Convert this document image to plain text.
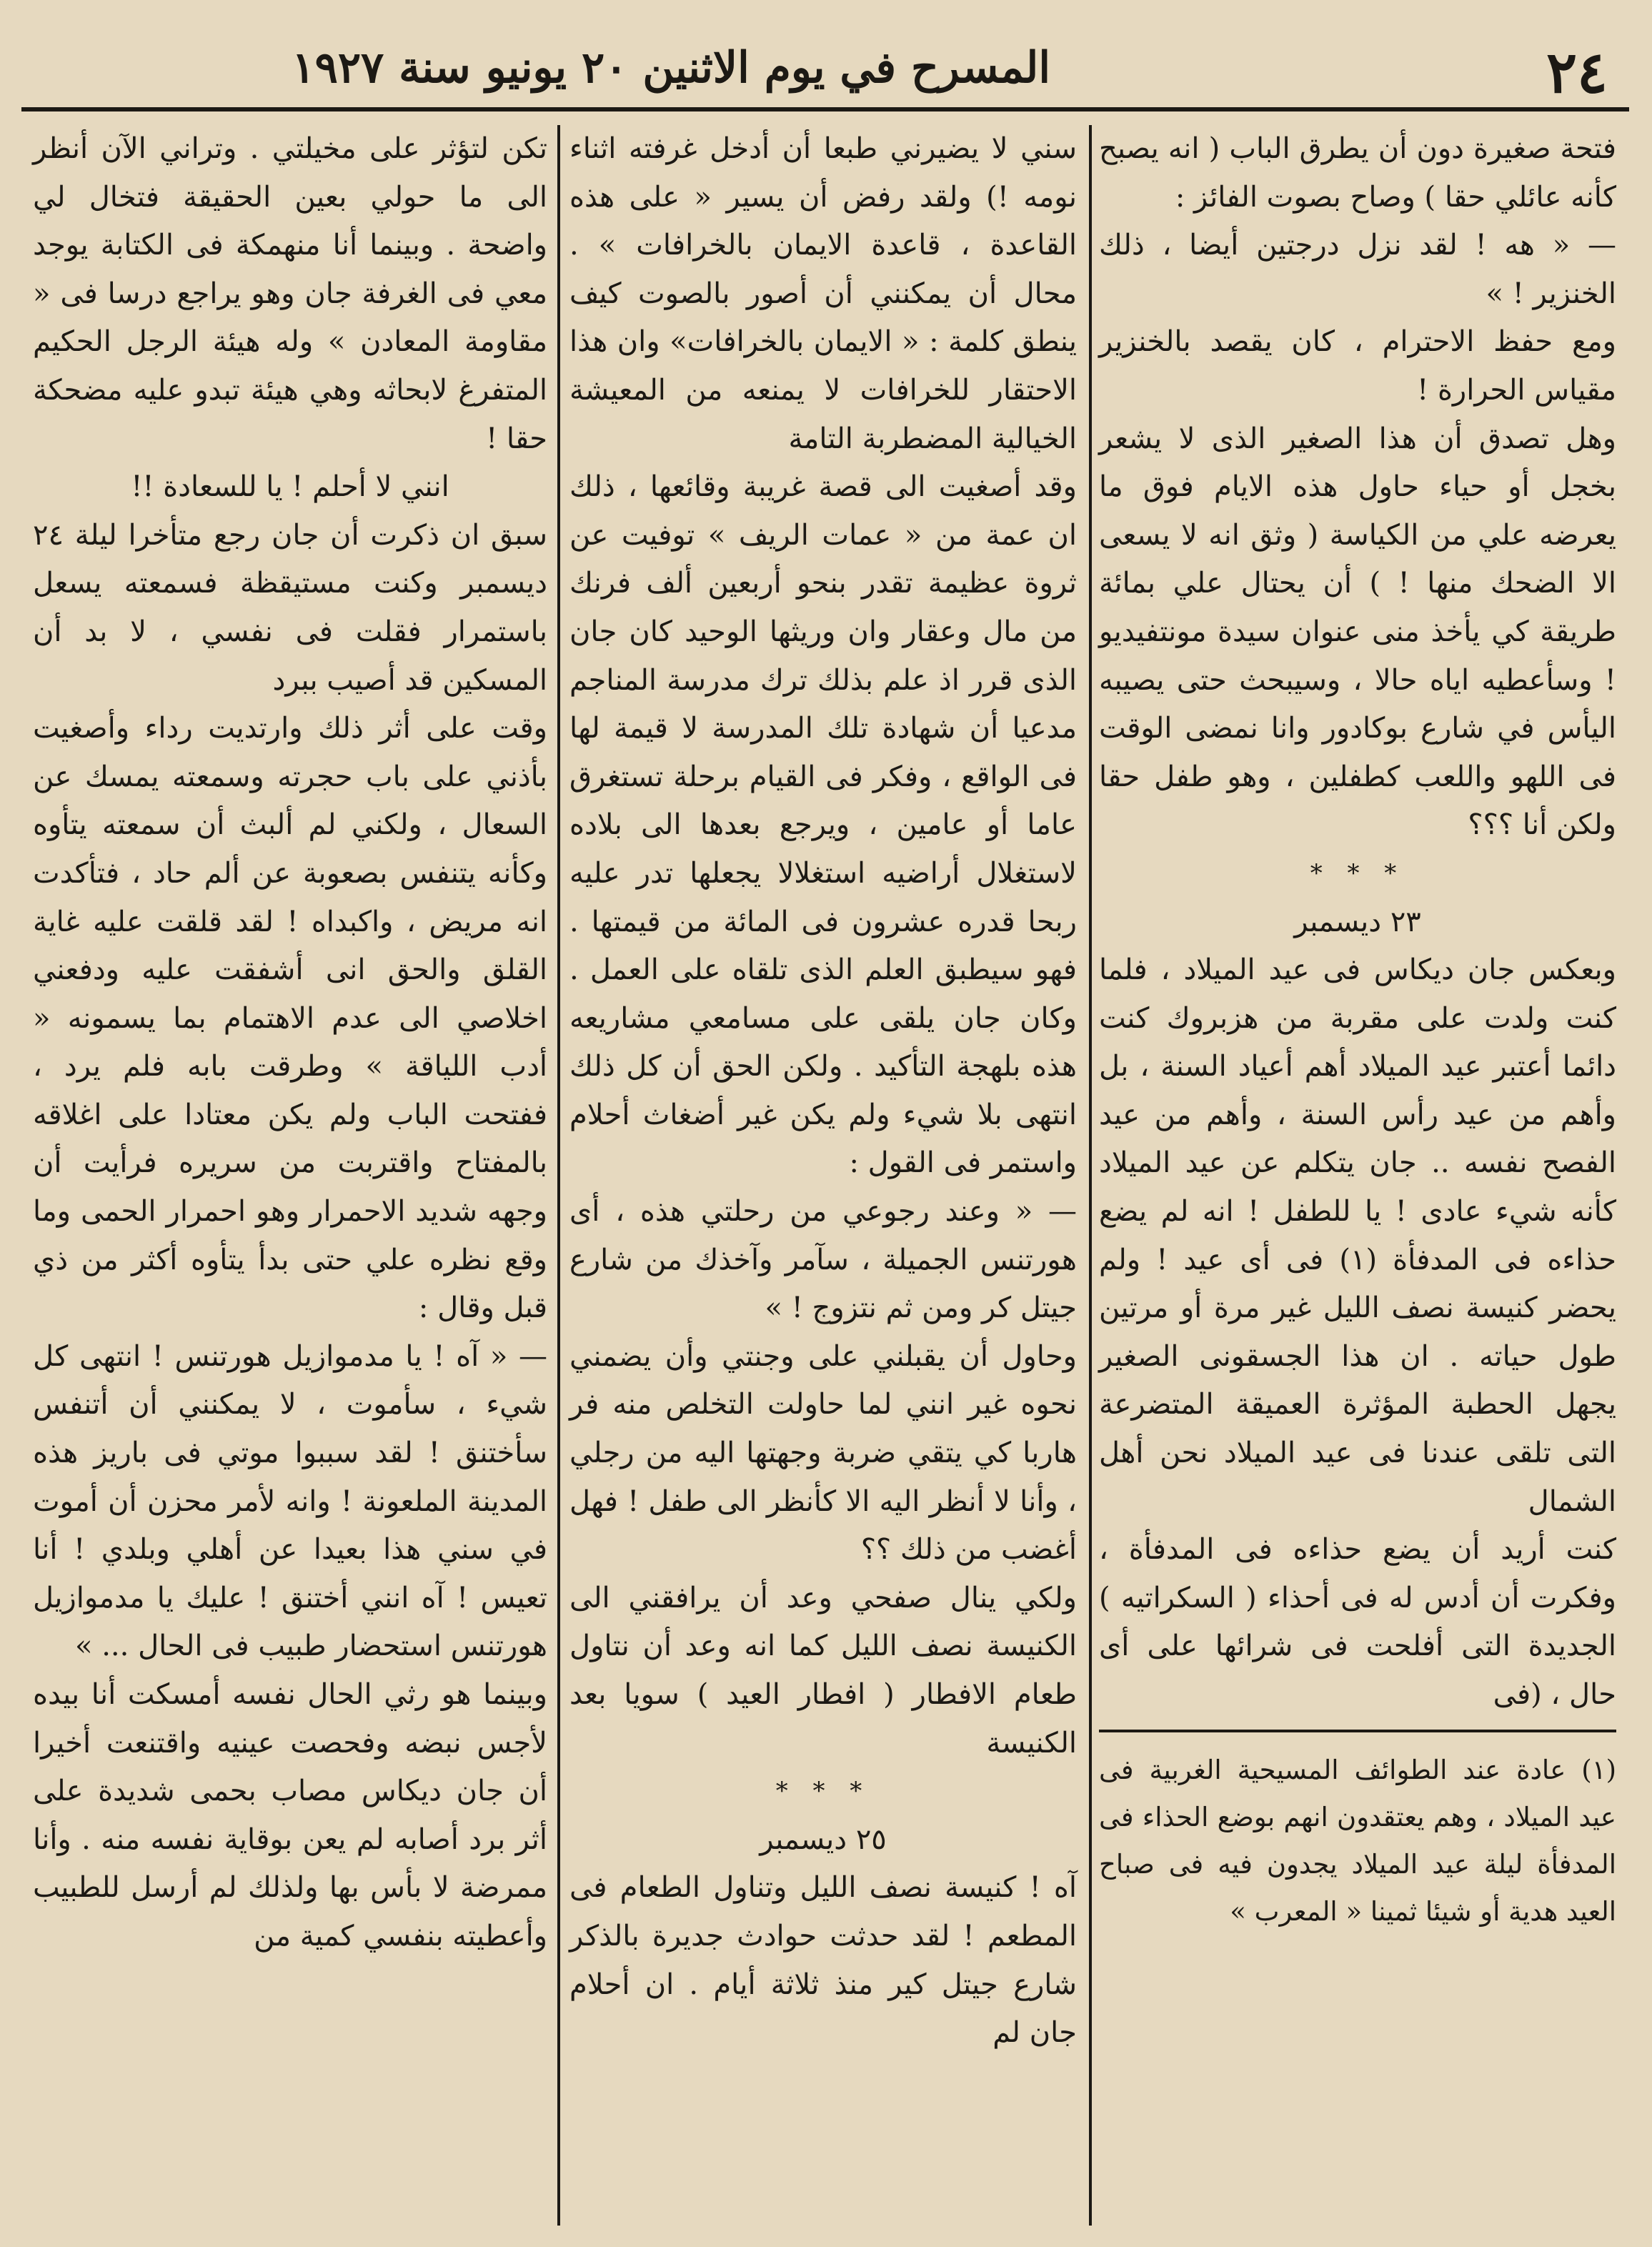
٢٤
المسرح في يوم الاثنين ٢٠ يونيو سنة ١٩٢٧

فتحة صغيرة دون أن يطرق الباب ( انه يصبح كأنه عائلي حقا ) وصاح بصوت الفائز :

— « هه ! لقد نزل درجتين أيضا ، ذلك الخنزير ! »

ومع حفظ الاحترام ، كان يقصد بالخنزير مقياس الحرارة !

وهل تصدق أن هذا الصغير الذى لا يشعر بخجل أو حياء حاول هذه الايام فوق ما يعرضه علي من الكياسة ( وثق انه لا يسعى الا الضحك منها ! ) أن يحتال علي بمائة طريقة كي يأخذ منى عنوان سيدة مونتفيديو ! وسأعطيه اياه حالا ، وسيبحث حتى يصيبه اليأس في شارع بوكادور وانا نمضى الوقت فى اللهو واللعب كطفلين ، وهو طفل حقا ولكن أنا ؟؟؟

* * *

٢٣ ديسمبر

وبعكس جان ديكاس فى عيد الميلاد ، فلما كنت ولدت على مقربة من هزبروك كنت دائما أعتبر عيد الميلاد أهم أعياد السنة ، بل وأهم من عيد رأس السنة ، وأهم من عيد الفصح نفسه .. جان يتكلم عن عيد الميلاد كأنه شيء عادى ! يا للطفل ! انه لم يضع حذاءه فى المدفأة (١) فى أى عيد ! ولم يحضر كنيسة نصف الليل غير مرة أو مرتين طول حياته . ان هذا الجسقونى الصغير يجهل الحطبة المؤثرة العميقة المتضرعة التى تلقى عندنا فى عيد الميلاد نحن أهل الشمال

كنت أريد أن يضع حذاءه فى المدفأة ، وفكرت أن أدس له فى أحذاء ( السكراتيه ) الجديدة التى أفلحت فى شرائها على أى حال ، (فى

(١) عادة عند الطوائف المسيحية الغربية فى عيد الميلاد ، وهم يعتقدون انهم بوضع الحذاء فى المدفأة ليلة عيد الميلاد يجدون فيه فى صباح العيد هدية أو شيئا ثمينا « المعرب »

سني لا يضيرني طبعا أن أدخل غرفته اثناء نومه !) ولقد رفض أن يسير « على هذه القاعدة ، قاعدة الايمان بالخرافات » . محال أن يمكنني أن أصور بالصوت كيف ينطق كلمة : « الايمان بالخرافات» وان هذا الاحتقار للخرافات لا يمنعه من المعيشة الخيالية المضطربة التامة

وقد أصغيت الى قصة غريبة وقائعها ، ذلك ان عمة من « عمات الريف » توفيت عن ثروة عظيمة تقدر بنحو أربعين ألف فرنك من مال وعقار وان وريثها الوحيد كان جان الذى قرر اذ علم بذلك ترك مدرسة المناجم مدعيا أن شهادة تلك المدرسة لا قيمة لها فى الواقع ، وفكر فى القيام برحلة تستغرق عاما أو عامين ، ويرجع بعدها الى بلاده لاستغلال أراضيه استغلالا يجعلها تدر عليه ربحا قدره عشرون فى المائة من قيمتها . فهو سيطبق العلم الذى تلقاه على العمل . وكان جان يلقى على مسامعي مشاريعه هذه بلهجة التأكيد . ولكن الحق أن كل ذلك انتهى بلا شيء ولم يكن غير أضغاث أحلام واستمر فى القول :

— « وعند رجوعي من رحلتي هذه ، أى هورتنس الجميلة ، سآمر وآخذك من شارع جيتل كر ومن ثم نتزوج ! »

وحاول أن يقبلني على وجنتي وأن يضمني نحوه غير انني لما حاولت التخلص منه فر هاربا كي يتقي ضربة وجهتها اليه من رجلي ، وأنا لا أنظر اليه الا كأنظر الى طفل ! فهل أغضب من ذلك ؟؟

ولكي ينال صفحي وعد أن يرافقني الى الكنيسة نصف الليل كما انه وعد أن نتاول طعام الافطار ( افطار العيد ) سويا بعد الكنيسة

* * *

٢٥ ديسمبر

آه ! كنيسة نصف الليل وتناول الطعام فى المطعم ! لقد حدثت حوادث جديرة بالذكر شارع جيتل كير منذ ثلاثة أيام . ان أحلام جان لم

تكن لتؤثر على مخيلتي . وتراني الآن أنظر الى ما حولي بعين الحقيقة فتخال لي واضحة . وبينما أنا منهمكة فى الكتابة يوجد معي فى الغرفة جان وهو يراجع درسا فى « مقاومة المعادن » وله هيئة الرجل الحكيم المتفرغ لابحاثه وهي هيئة تبدو عليه مضحكة حقا !

انني لا أحلم ! يا للسعادة !!

سبق ان ذكرت أن جان رجع متأخرا ليلة ٢٤ ديسمبر وكنت مستيقظة فسمعته يسعل باستمرار فقلت فى نفسي ، لا بد أن المسكين قد أصيب ببرد

وقت على أثر ذلك وارتديت رداء وأصغيت بأذني على باب حجرته وسمعته يمسك عن السعال ، ولكني لم ألبث أن سمعته يتأوه وكأنه يتنفس بصعوبة عن ألم حاد ، فتأكدت انه مريض ، واكبداه ! لقد قلقت عليه غاية القلق والحق انى أشفقت عليه ودفعني اخلاصي الى عدم الاهتمام بما يسمونه « أدب اللياقة » وطرقت بابه فلم يرد ، ففتحت الباب ولم يكن معتادا على اغلاقه بالمفتاح واقتربت من سريره فرأيت أن وجهه شديد الاحمرار وهو احمرار الحمى وما وقع نظره علي حتى بدأ يتأوه أكثر من ذي قبل وقال :

— « آه ! يا مدموازيل هورتنس ! انتهى كل شيء ، سأموت ، لا يمكنني أن أتنفس سأختنق ! لقد سببوا موتي فى باريز هذه المدينة الملعونة ! وانه لأمر محزن أن أموت في سني هذا بعيدا عن أهلي وبلدي ! أنا تعيس ! آه انني أختنق ! عليك يا مدموازيل هورتنس استحضار طبيب فى الحال ... »

وبينما هو رثي الحال نفسه أمسكت أنا بيده لأجس نبضه وفحصت عينيه واقتنعت أخيرا أن جان ديكاس مصاب بحمى شديدة على أثر برد أصابه لم يعن بوقاية نفسه منه . وأنا ممرضة لا بأس بها ولذلك لم أرسل للطبيب وأعطيته بنفسي كمية من
